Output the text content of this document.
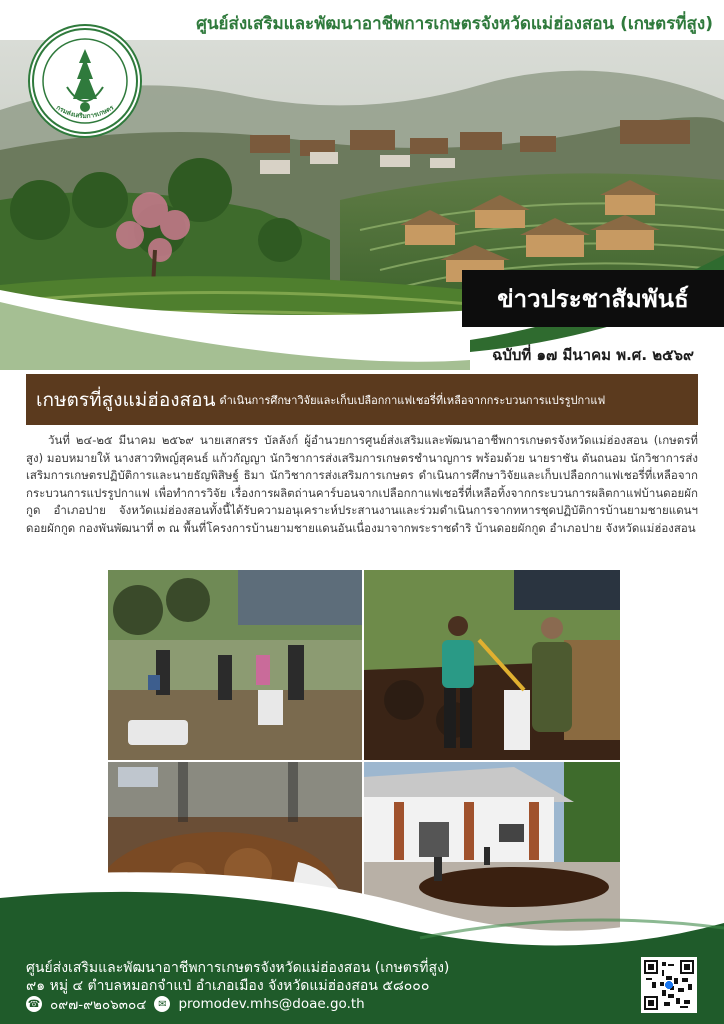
ศูนย์ส่งเสริมและพัฒนาอาชีพการเกษตรจังหวัดแม่ฮ่องสอน (เกษตรที่สูง)
กรมส่งเสริมการเกษตร
ข่าวประชาสัมพันธ์
ฉบับที่ ๑๗ มีนาคม พ.ศ. ๒๕๖๙
เกษตรที่สูงแม่ฮ่องสอน ดำเนินการศึกษาวิจัยและเก็บเปลือกกาแฟเชอรี่ที่เหลือจากกระบวนการแปรรูปกาแฟ

วันที่ ๒๔-๒๕ มีนาคม ๒๕๖๙ นายเสกสรร บัลลังก์ ผู้อำนวยการศูนย์ส่งเสริมและพัฒนาอาชีพการเกษตรจังหวัดแม่ฮ่องสอน (เกษตรที่สูง) มอบหมายให้ นางสาวทิพญ์สุคนธ์ แก้วกัญญา นักวิชาการส่งเสริมการเกษตรชำนาญการ พร้อมด้วย นายราชัน ตันถนอม นักวิชาการส่งเสริมการเกษตรปฏิบัติการและนายธัญพิสิษฐ์ ธิมา นักวิชาการส่งเสริมการเกษตร ดำเนินการศึกษาวิจัยและเก็บเปลือกกาแฟเชอรี่ที่เหลือจากกระบวนการแปรรูปกาแฟ เพื่อทำการวิจัย เรื่องการผลิตถ่านคาร์บอนจากเปลือกกาแฟเชอรี่ที่เหลือทิ้งจากกระบวนการผลิตกาแฟบ้านดอยผักกูด อำเภอปาย จังหวัดแม่ฮ่องสอนทั้งนี้ได้รับความอนุเคราะห์ประสานงานและร่วมดำเนินการจากทหารชุดปฏิบัติการบ้านยามชายแดนฯดอยผักกูด กองพันพัฒนาที่ ๓ ณ พื้นที่โครงการบ้านยามชายแดนอันเนื่องมาจากพระราชดำริ บ้านดอยผักกูด อำเภอปาย จังหวัดแม่ฮ่องสอน

ศูนย์ส่งเสริมและพัฒนาอาชีพการเกษตรจังหวัดแม่ฮ่องสอน (เกษตรที่สูง)
๙๑ หมู่ ๔ ตำบลหมอกจำแป่ อำเภอเมือง จังหวัดแม่ฮ่องสอน ๕๘๐๐๐
☎ ๐๙๗-๙๒๐๖๓๐๔	✉ promodev.mhs@doae.go.th
